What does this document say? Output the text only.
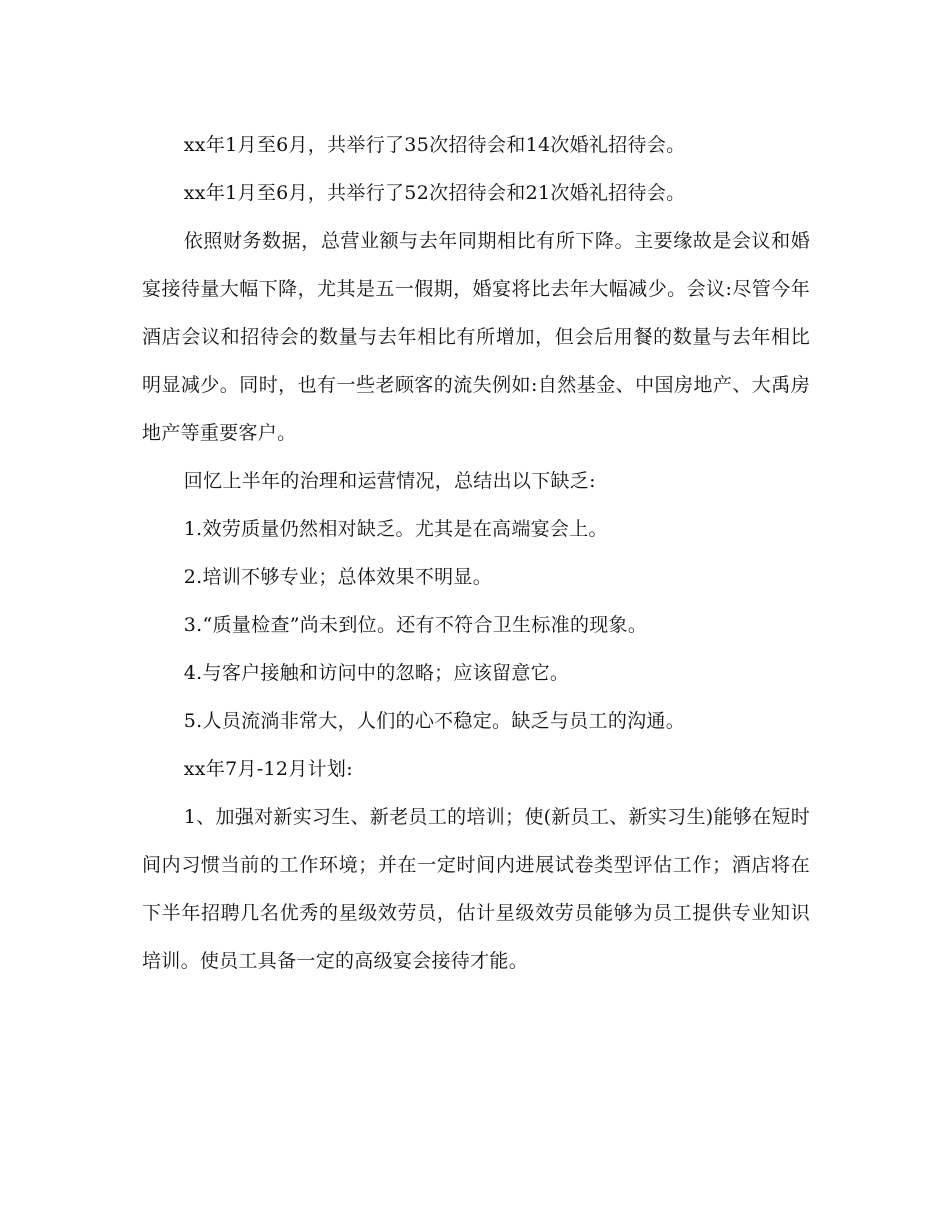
xx年1月至6月，共举行了35次招待会和14次婚礼招待会。

xx年1月至6月，共举行了52次招待会和21次婚礼招待会。

依照财务数据，总营业额与去年同期相比有所下降。主要缘故是会议和婚宴接待量大幅下降，尤其是五一假期，婚宴将比去年大幅减少。会议:尽管今年酒店会议和招待会的数量与去年相比有所增加，但会后用餐的数量与去年相比明显减少。同时，也有一些老顾客的流失例如:自然基金、中国房地产、大禹房地产等重要客户。

回忆上半年的治理和运营情况，总结出以下缺乏:

1.效劳质量仍然相对缺乏。尤其是在高端宴会上。

2.培训不够专业；总体效果不明显。

3.“质量检查”尚未到位。还有不符合卫生标准的现象。

4.与客户接触和访问中的忽略；应该留意它。

5.人员流淌非常大，人们的心不稳定。缺乏与员工的沟通。

xx年7月-12月计划:

1、加强对新实习生、新老员工的培训；使(新员工、新实习生)能够在短时间内习惯当前的工作环境；并在一定时间内进展试卷类型评估工作；酒店将在下半年招聘几名优秀的星级效劳员，估计星级效劳员能够为员工提供专业知识培训。使员工具备一定的高级宴会接待才能。
